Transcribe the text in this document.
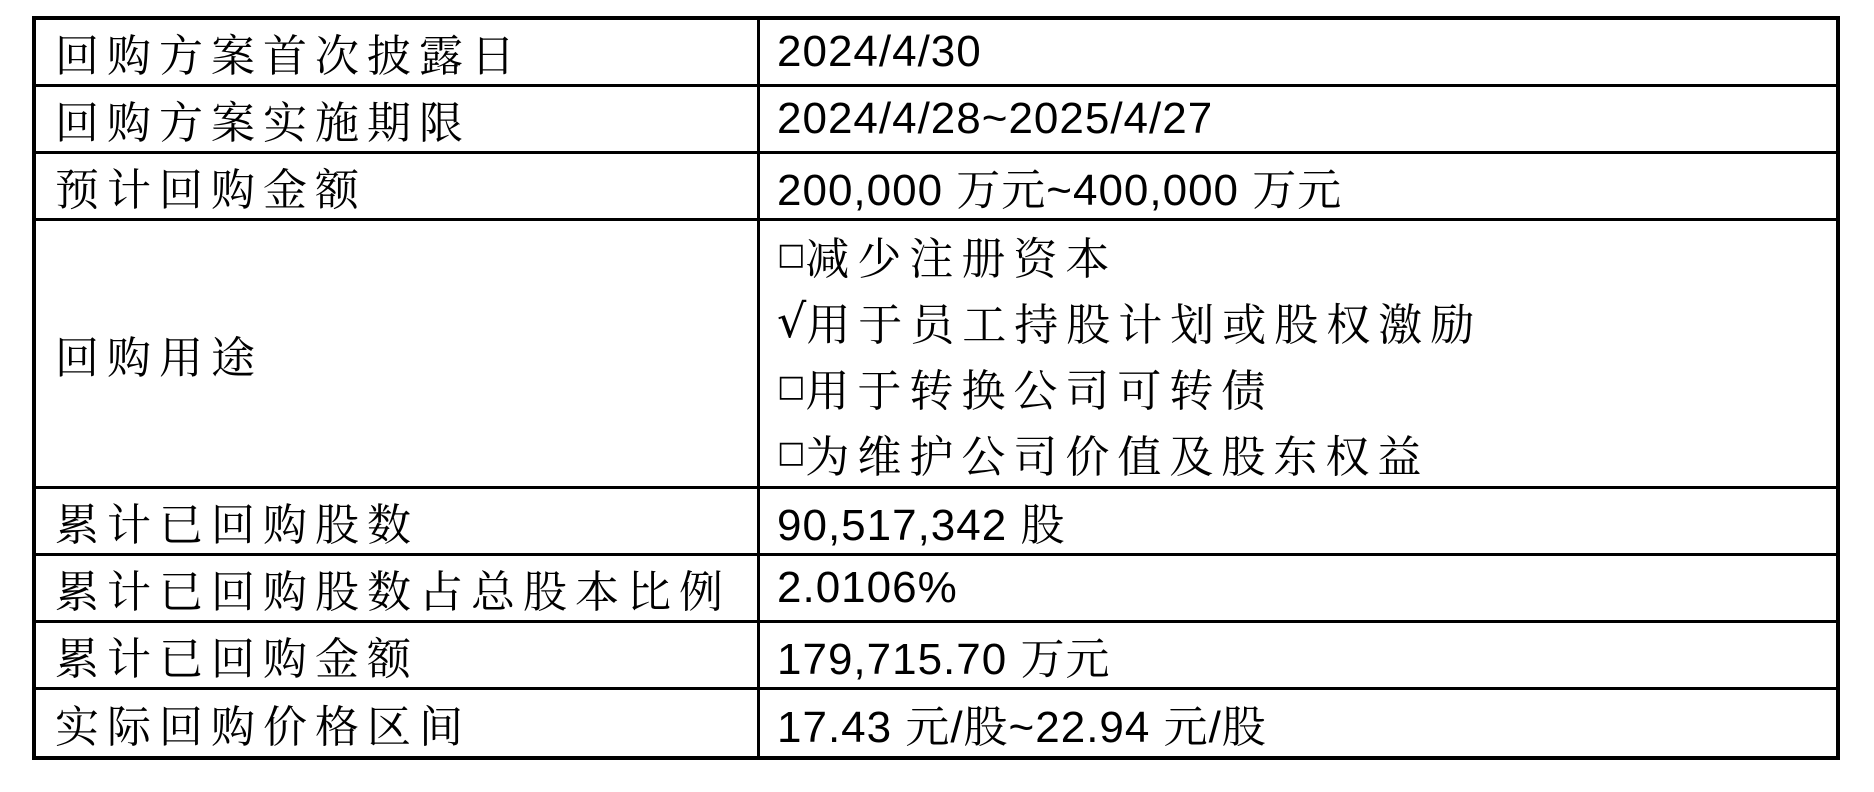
回购方案首次披露日	2024/4/30
回购方案实施期限	2024/4/28~2025/4/27
预计回购金额	200,000 万元~400,000 万元
回购用途
□ 减少注册资本
√ 用于员工持股计划或股权激励
□ 用于转换公司可转债
□ 为维护公司价值及股东权益
累计已回购股数	90,517,342 股
累计已回购股数占总股本比例	2.0106%
累计已回购金额	179,715.70 万元
实际回购价格区间	17.43 元/股~22.94 元/股
